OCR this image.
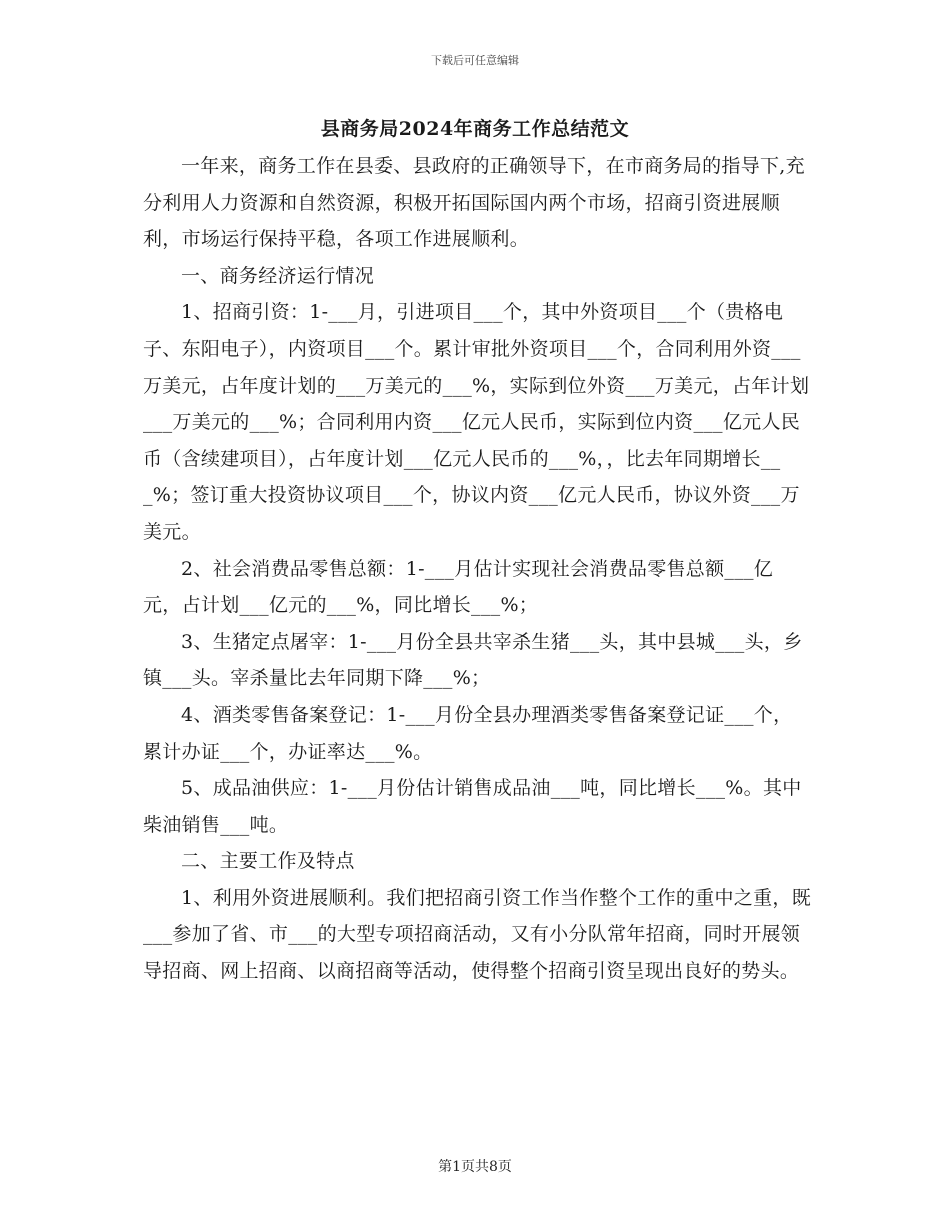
下载后可任意编辑
县商务局2024年商务工作总结范文

一年来，商务工作在县委、县政府的正确领导下，在市商务局的指导下,充分利用人力资源和自然资源，积极开拓国际国内两个市场，招商引资进展顺利，市场运行保持平稳，各项工作进展顺利。

一、商务经济运行情况

1、招商引资：1-___月，引进项目___个，其中外资项目___个（贵格电子、东阳电子），内资项目___个。累计审批外资项目___个，合同利用外资___万美元，占年度计划的___万美元的___%，实际到位外资___万美元，占年计划___万美元的___%；合同利用内资___亿元人民币，实际到位内资___亿元人民币（含续建项目），占年度计划___亿元人民币的___%，，比去年同期增长___%；签订重大投资协议项目___个，协议内资___亿元人民币，协议外资___万美元。

2、社会消费品零售总额：1-___月估计实现社会消费品零售总额___亿元，占计划___亿元的___%，同比增长___%；

3、生猪定点屠宰：1-___月份全县共宰杀生猪___头，其中县城___头，乡镇___头。宰杀量比去年同期下降___%；

4、酒类零售备案登记：1-___月份全县办理酒类零售备案登记证___个，累计办证___个，办证率达___%。

5、成品油供应：1-___月份估计销售成品油___吨，同比增长___%。其中柴油销售___吨。

二、主要工作及特点

1、利用外资进展顺利。我们把招商引资工作当作整个工作的重中之重，既___参加了省、市___的大型专项招商活动，又有小分队常年招商，同时开展领导招商、网上招商、以商招商等活动，使得整个招商引资呈现出良好的势头。

第1页共8页
